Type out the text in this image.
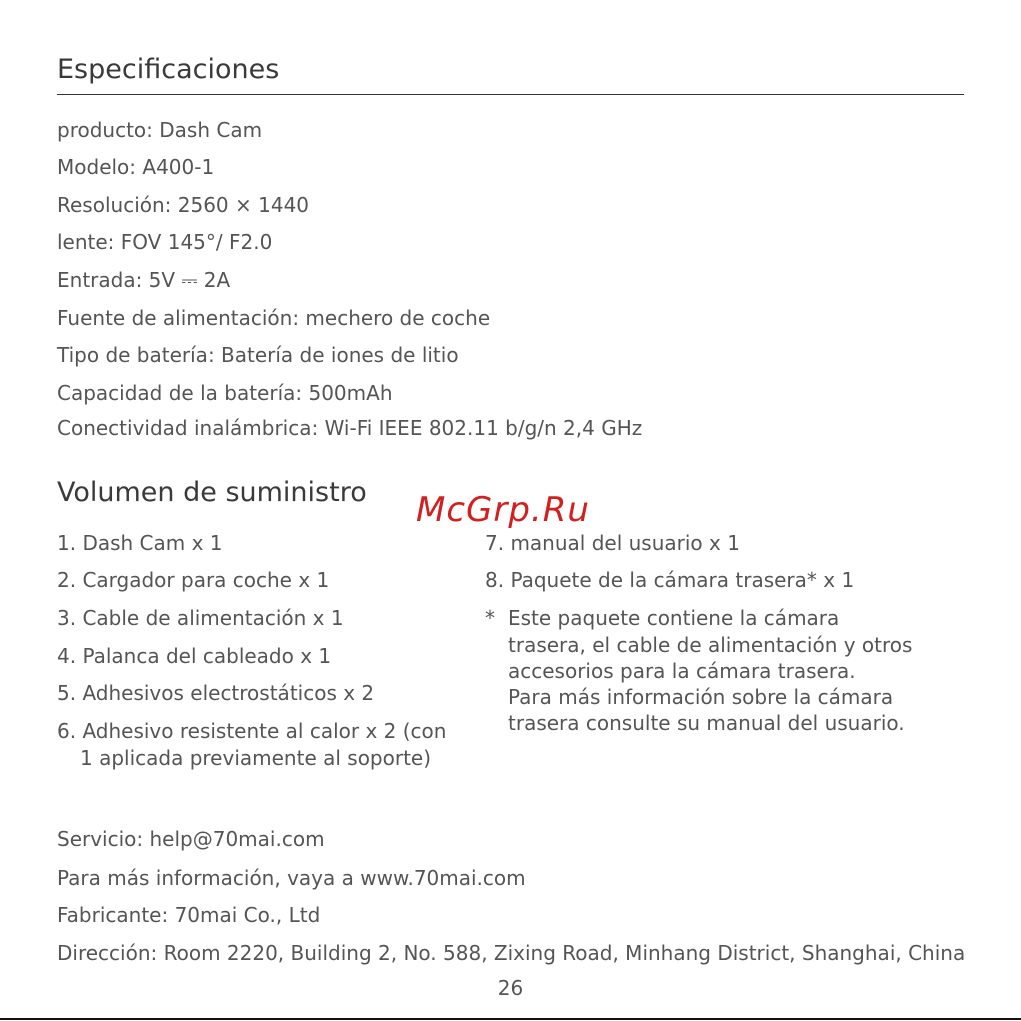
Especificaciones
producto: Dash Cam
Modelo: A400-1
Resolución: 2560 × 1440
lente: FOV 145°/ F2.0
Entrada: 5V ⎓ 2A
Fuente de alimentación: mechero de coche
Tipo de batería: Batería de iones de litio
Capacidad de la batería: 500mAh
Conectividad inalámbrica: Wi-Fi IEEE 802.11 b/g/n 2,4 GHz
Volumen de suministro McGrp.Ru
1. Dash Cam x 1
2. Cargador para coche x 1
3. Cable de alimentación x 1
4. Palanca del cableado x 1
5. Adhesivos electrostáticos x 2
6. Adhesivo resistente al calor x 2 (con
1 aplicada previamente al soporte)
7. manual del usuario x 1
8. Paquete de la cámara trasera* x 1
* Este paquete contiene la cámara
trasera, el cable de alimentación y otros
accesorios para la cámara trasera.
Para más información sobre la cámara
trasera consulte su manual del usuario.
Servicio: help@70mai.com
Para más información, vaya a www.70mai.com
Fabricante: 70mai Co., Ltd
Dirección: Room 2220, Building 2, No. 588, Zixing Road, Minhang District, Shanghai, China
26
